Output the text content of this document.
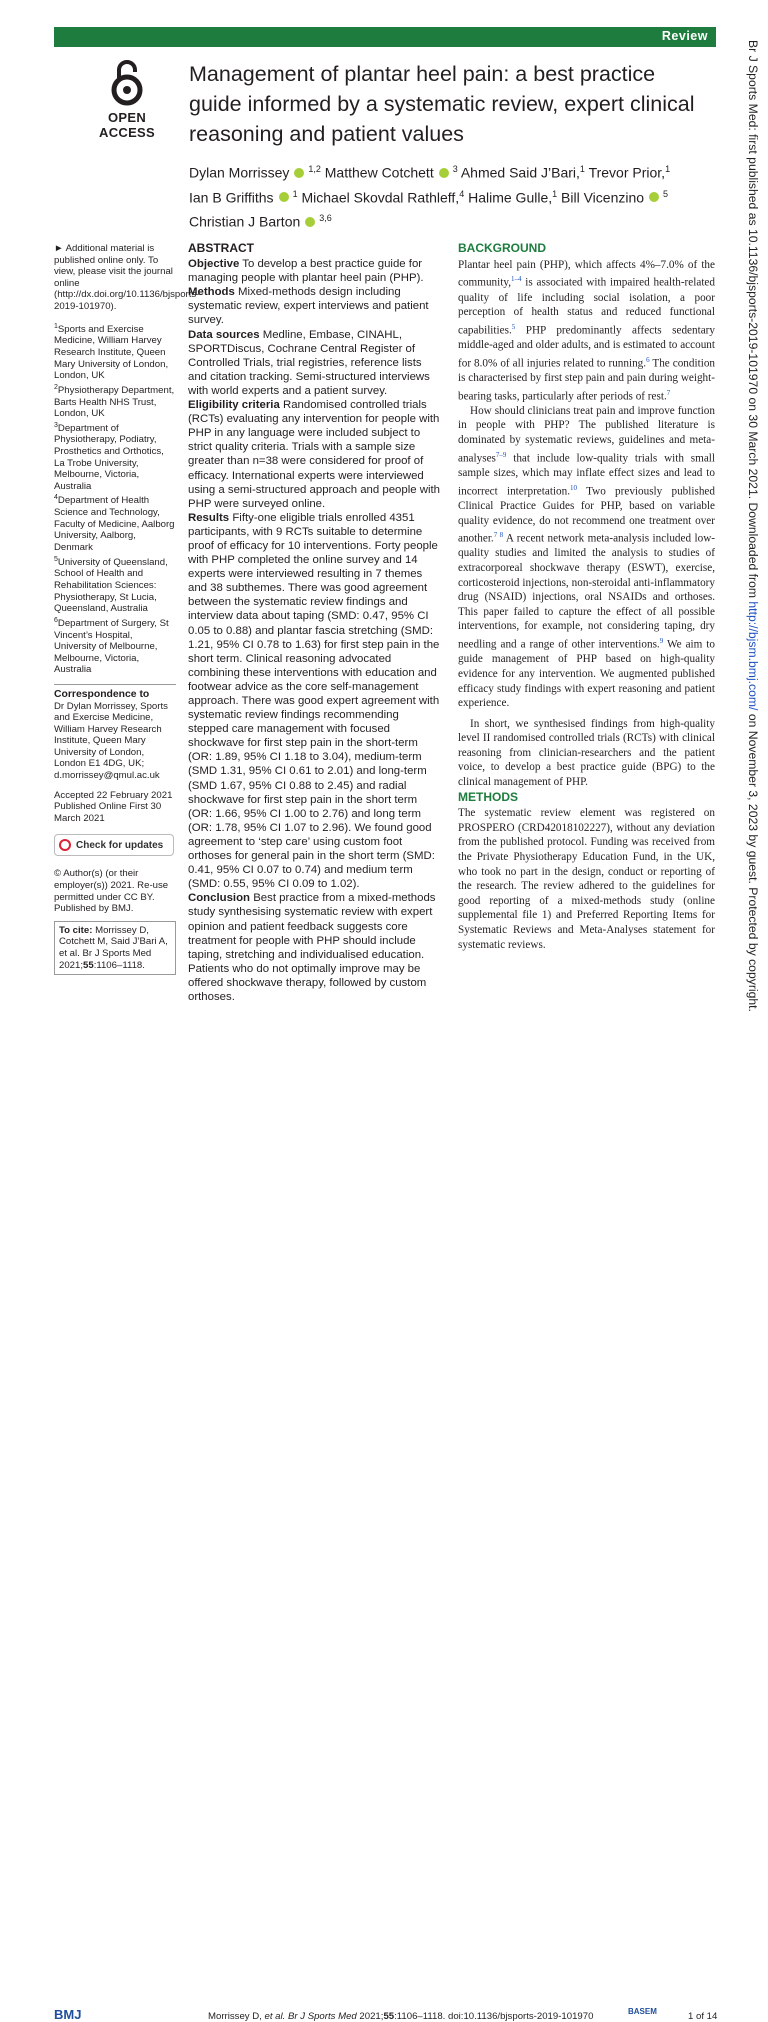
Review
Br J Sports Med: first published as 10.1136/bjsports-2019-101970 on 30 March 2021. Downloaded from http://bjsm.bmj.com/ on November 3, 2023 by guest. Protected by copyright.
OPEN ACCESS
Management of plantar heel pain: a best practice guide informed by a systematic review, expert clinical reasoning and patient values
Dylan Morrissey $^{1,2}$ Matthew Cotchett $^3$ Ahmed Said J’Bari,$^1$ Trevor Prior,$^1$
Ian B Griffiths $^1$ Michael Skovdal Rathleff,$^4$ Halime Gulle,$^1$ Bill Vicenzino $^5$
Christian J Barton $^{3,6}$

► Additional material is published online only. To view, please visit the journal online (http://dx.doi.org/10.1136/bjsports-2019-101970).

$^1$Sports and Exercise Medicine, William Harvey Research Institute, Queen Mary University of London, London, UK

$^2$Physiotherapy Department, Barts Health NHS Trust, London, UK

$^3$Department of Physiotherapy, Podiatry, Prosthetics and Orthotics, La Trobe University, Melbourne, Victoria, Australia

$^4$Department of Health Science and Technology, Faculty of Medicine, Aalborg University, Aalborg, Denmark

$^5$University of Queensland, School of Health and Rehabilitation Sciences: Physiotherapy, St Lucia, Queensland, Australia

$^6$Department of Surgery, St Vincent’s Hospital, University of Melbourne, Melbourne, Victoria, Australia

Correspondence to

Dr Dylan Morrissey, Sports and Exercise Medicine, William Harvey Research Institute, Queen Mary University of London, London E1 4DG, UK; d.morrissey@qmul.ac.uk

Accepted 22 February 2021

Published Online First 30 March 2021

Check for updates

© Author(s) (or their employer(s)) 2021. Re-use permitted under CC BY. Published by BMJ.

To cite: Morrissey D, Cotchett M, Said J’Bari A, et al. Br J Sports Med 2021;55:1106–1118.
ABSTRACT

Objective To develop a best practice guide for managing people with plantar heel pain (PHP).

Methods Mixed-methods design including systematic review, expert interviews and patient survey.

Data sources Medline, Embase, CINAHL, SPORTDiscus, Cochrane Central Register of Controlled Trials, trial registries, reference lists and citation tracking. Semi-structured interviews with world experts and a patient survey.

Eligibility criteria Randomised controlled trials (RCTs) evaluating any intervention for people with PHP in any language were included subject to strict quality criteria. Trials with a sample size greater than n=38 were considered for proof of efficacy. International experts were interviewed using a semi-structured approach and people with PHP were surveyed online.

Results Fifty-one eligible trials enrolled 4351 participants, with 9 RCTs suitable to determine proof of efficacy for 10 interventions. Forty people with PHP completed the online survey and 14 experts were interviewed resulting in 7 themes and 38 subthemes. There was good agreement between the systematic review findings and interview data about taping (SMD: 0.47, 95% CI 0.05 to 0.88) and plantar fascia stretching (SMD: 1.21, 95% CI 0.78 to 1.63) for first step pain in the short term. Clinical reasoning advocated combining these interventions with education and footwear advice as the core self-management approach. There was good expert agreement with systematic review findings recommending stepped care management with focused shockwave for first step pain in the short-term (OR: 1.89, 95% CI 1.18 to 3.04), medium-term (SMD 1.31, 95% CI 0.61 to 2.01) and long-term (SMD 1.67, 95% CI 0.88 to 2.45) and radial shockwave for first step pain in the short term (OR: 1.66, 95% CI 1.00 to 2.76) and long term (OR: 1.78, 95% CI 1.07 to 2.96). We found good agreement to ‘step care’ using custom foot orthoses for general pain in the short term (SMD: 0.41, 95% CI 0.07 to 0.74) and medium term (SMD: 0.55, 95% CI 0.09 to 1.02).

Conclusion Best practice from a mixed-methods study synthesising systematic review with expert opinion and patient feedback suggests core treatment for people with PHP should include taping, stretching and individualised education. Patients who do not optimally improve may be offered shockwave therapy, followed by custom orthoses.

BACKGROUND

Plantar heel pain (PHP), which affects 4%–7.0% of the community,$^{1-4}$ is associated with impaired health-related quality of life including social isolation, a poor perception of health status and reduced functional capabilities.$^5$ PHP predominantly affects sedentary middle-aged and older adults, and is estimated to account for 8.0% of all injuries related to running.$^6$ The condition is characterised by first step pain and pain during weight-bearing tasks, particularly after periods of rest.$^7$

How should clinicians treat pain and improve function in people with PHP? The published literature is dominated by systematic reviews, guidelines and meta-analyses$^{7-9}$ that include low-quality trials with small sample sizes, which may inflate effect sizes and lead to incorrect interpretation.$^{10}$ Two previously published Clinical Practice Guides for PHP, based on variable quality evidence, do not recommend one treatment over another.$^{7 8}$ A recent network meta-analysis included low-quality studies and limited the analysis to studies of extracorporeal shockwave therapy (ESWT), exercise, corticosteroid injections, non-steroidal anti-inflammatory drug (NSAID) injections, oral NSAIDs and orthoses. This paper failed to capture the effect of all possible interventions, for example, not considering taping, dry needling and a range of other interventions.$^9$ We aim to guide management of PHP based on high-quality evidence for any intervention. We augmented published efficacy study findings with expert reasoning and patient experience.

In short, we synthesised findings from high-quality level II randomised controlled trials (RCTs) with clinical reasoning from clinician-researchers and the patient voice, to develop a best practice guide (BPG) to the clinical management of PHP.

METHODS

The systematic review element was registered on PROSPERO (CRD42018102227), without any deviation from the published protocol. Funding was received from the Private Physiotherapy Education Fund, in the UK, who took no part in the design, conduct or reporting of the research. The review adhered to the guidelines for good reporting of a mixed-methods study (online supplemental file 1) and Preferred Reporting Items for Systematic Reviews and Meta-Analyses statement for systematic reviews.

BMJ	Morrissey D, et al. Br J Sports Med 2021;55:1106–1118. doi:10.1136/bjsports-2019-101970	BASEM	1 of 14
